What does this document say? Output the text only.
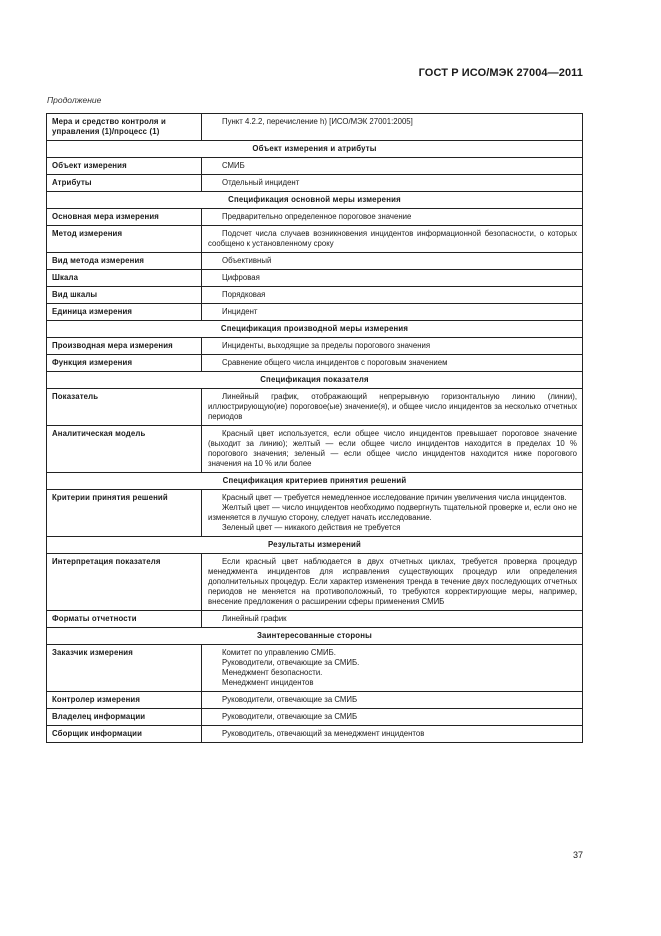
ГОСТ Р ИСО/МЭК 27004—2011
Продолжение
Мера и средство контроля и управления (1)/процесс (1)	Пункт 4.2.2, перечисление h) [ИСО/МЭК 27001:2005]

Объект измерения и атрибуты	
Объект измерения	СМИБ

Атрибуты	Отдельный инцидент

Спецификация основной меры измерения	
Основная мера измерения	Предварительно определенное пороговое значение

Метод измерения	Подсчет числа случаев возникновения инцидентов информационной безопасности, о которых сообщено к установленному сроку

Вид метода измерения	Объективный

Шкала	Цифровая

Вид шкалы	Порядковая

Единица измерения	Инцидент

Спецификация производной меры измерения	
Производная мера измерения	Инциденты, выходящие за пределы порогового значения

Функция измерения	Сравнение общего числа инцидентов с пороговым значением

Спецификация показателя	
Показатель	Линейный график, отображающий непрерывную горизонтальную линию (линии), иллюстрирующую(ие) пороговое(ые) значение(я), и общее число инцидентов за несколько отчетных периодов

Аналитическая модель	Красный цвет используется, если общее число инцидентов превышает пороговое значение (выходит за линию); желтый — если общее число инцидентов находится в пределах 10 % порогового значения; зеленый — если общее число инцидентов находится ниже порогового значения на 10 % или более

Спецификация критериев принятия решений	
Критерии принятия решений	Красный цвет — требуется немедленное исследование причин увеличения числа инцидентов.
Желтый цвет — число инцидентов необходимо подвергнуть тщательной проверке и, если оно не изменяется в лучшую сторону, следует начать исследование.
Зеленый цвет — никакого действия не требуется

Результаты измерений	
Интерпретация показателя	Если красный цвет наблюдается в двух отчетных циклах, требуется проверка процедур менеджмента инцидентов для исправления существующих процедур или определения дополнительных процедур. Если характер изменения тренда в течение двух последующих отчетных периодов не меняется на противоположный, то требуются корректирующие меры, например, внесение предложения о расширении сферы применения СМИБ

Форматы отчетности	Линейный график

Заинтересованные стороны	
Заказчик измерения	Комитет по управлению СМИБ.
Руководители, отвечающие за СМИБ.
Менеджмент безопасности.
Менеджмент инцидентов

Контролер измерения	Руководители, отвечающие за СМИБ

Владелец информации	Руководители, отвечающие за СМИБ

Сборщик информации	Руководитель, отвечающий за менеджмент инцидентов
37
